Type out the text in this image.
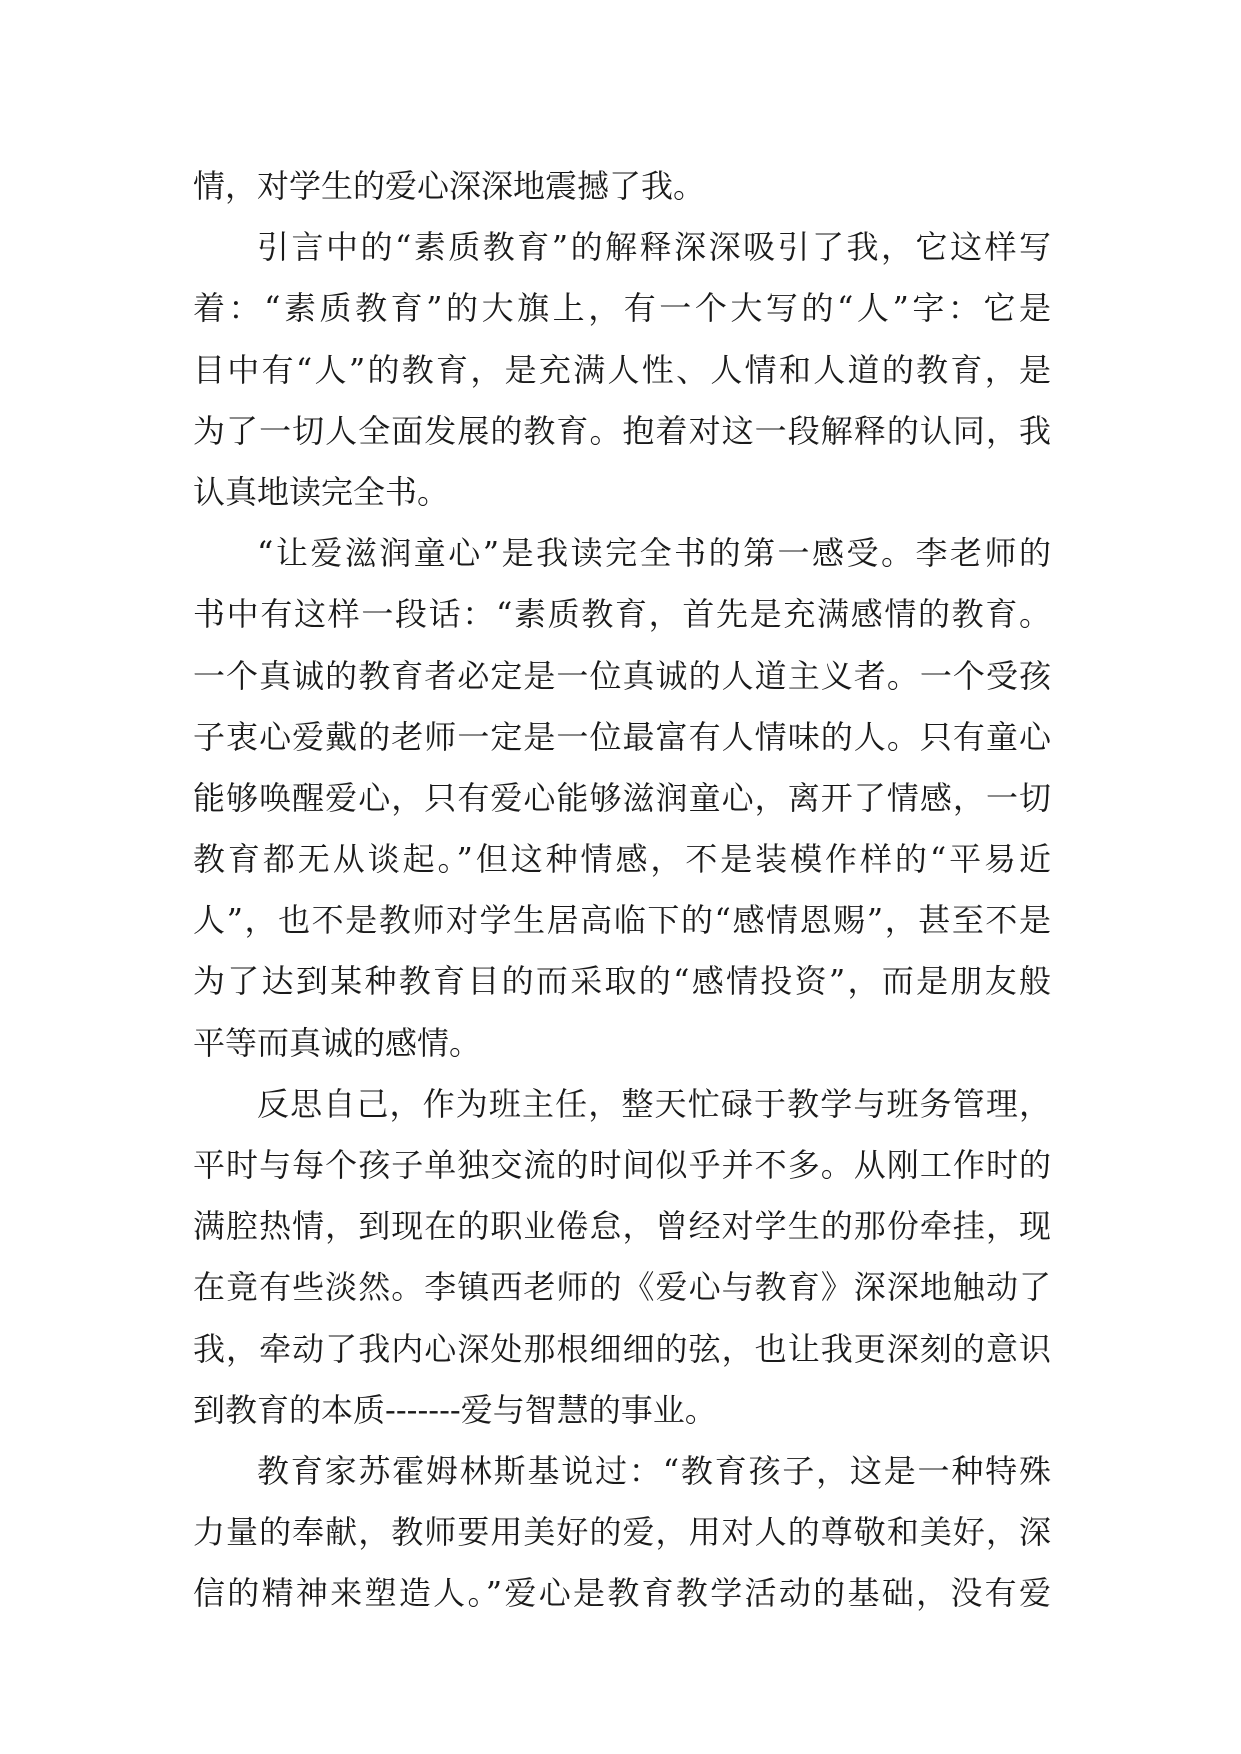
情，对学生的爱心深深地震撼了我。
引言中的“素质教育”的解释深深吸引了我，它这样写
着：“素质教育”的大旗上，有一个大写的“人”字：它是
目中有“人”的教育，是充满人性、人情和人道的教育，是
为了一切人全面发展的教育。抱着对这一段解释的认同，我
认真地读完全书。
“让爱滋润童心”是我读完全书的第一感受。李老师的
书中有这样一段话：“素质教育，首先是充满感情的教育。
一个真诚的教育者必定是一位真诚的人道主义者。一个受孩
子衷心爱戴的老师一定是一位最富有人情味的人。只有童心
能够唤醒爱心，只有爱心能够滋润童心，离开了情感，一切
教育都无从谈起。”但这种情感，不是装模作样的“平易近
人”，也不是教师对学生居高临下的“感情恩赐”，甚至不是
为了达到某种教育目的而采取的“感情投资”，而是朋友般
平等而真诚的感情。
反思自己，作为班主任，整天忙碌于教学与班务管理，
平时与每个孩子单独交流的时间似乎并不多。从刚工作时的
满腔热情，到现在的职业倦怠，曾经对学生的那份牵挂，现
在竟有些淡然。李镇西老师的《爱心与教育》深深地触动了
我，牵动了我内心深处那根细细的弦，也让我更深刻的意识
到教育的本质-------爱与智慧的事业。
教育家苏霍姆林斯基说过：“教育孩子，这是一种特殊
力量的奉献，教师要用美好的爱，用对人的尊敬和美好，深
信的精神来塑造人。”爱心是教育教学活动的基础，没有爱
